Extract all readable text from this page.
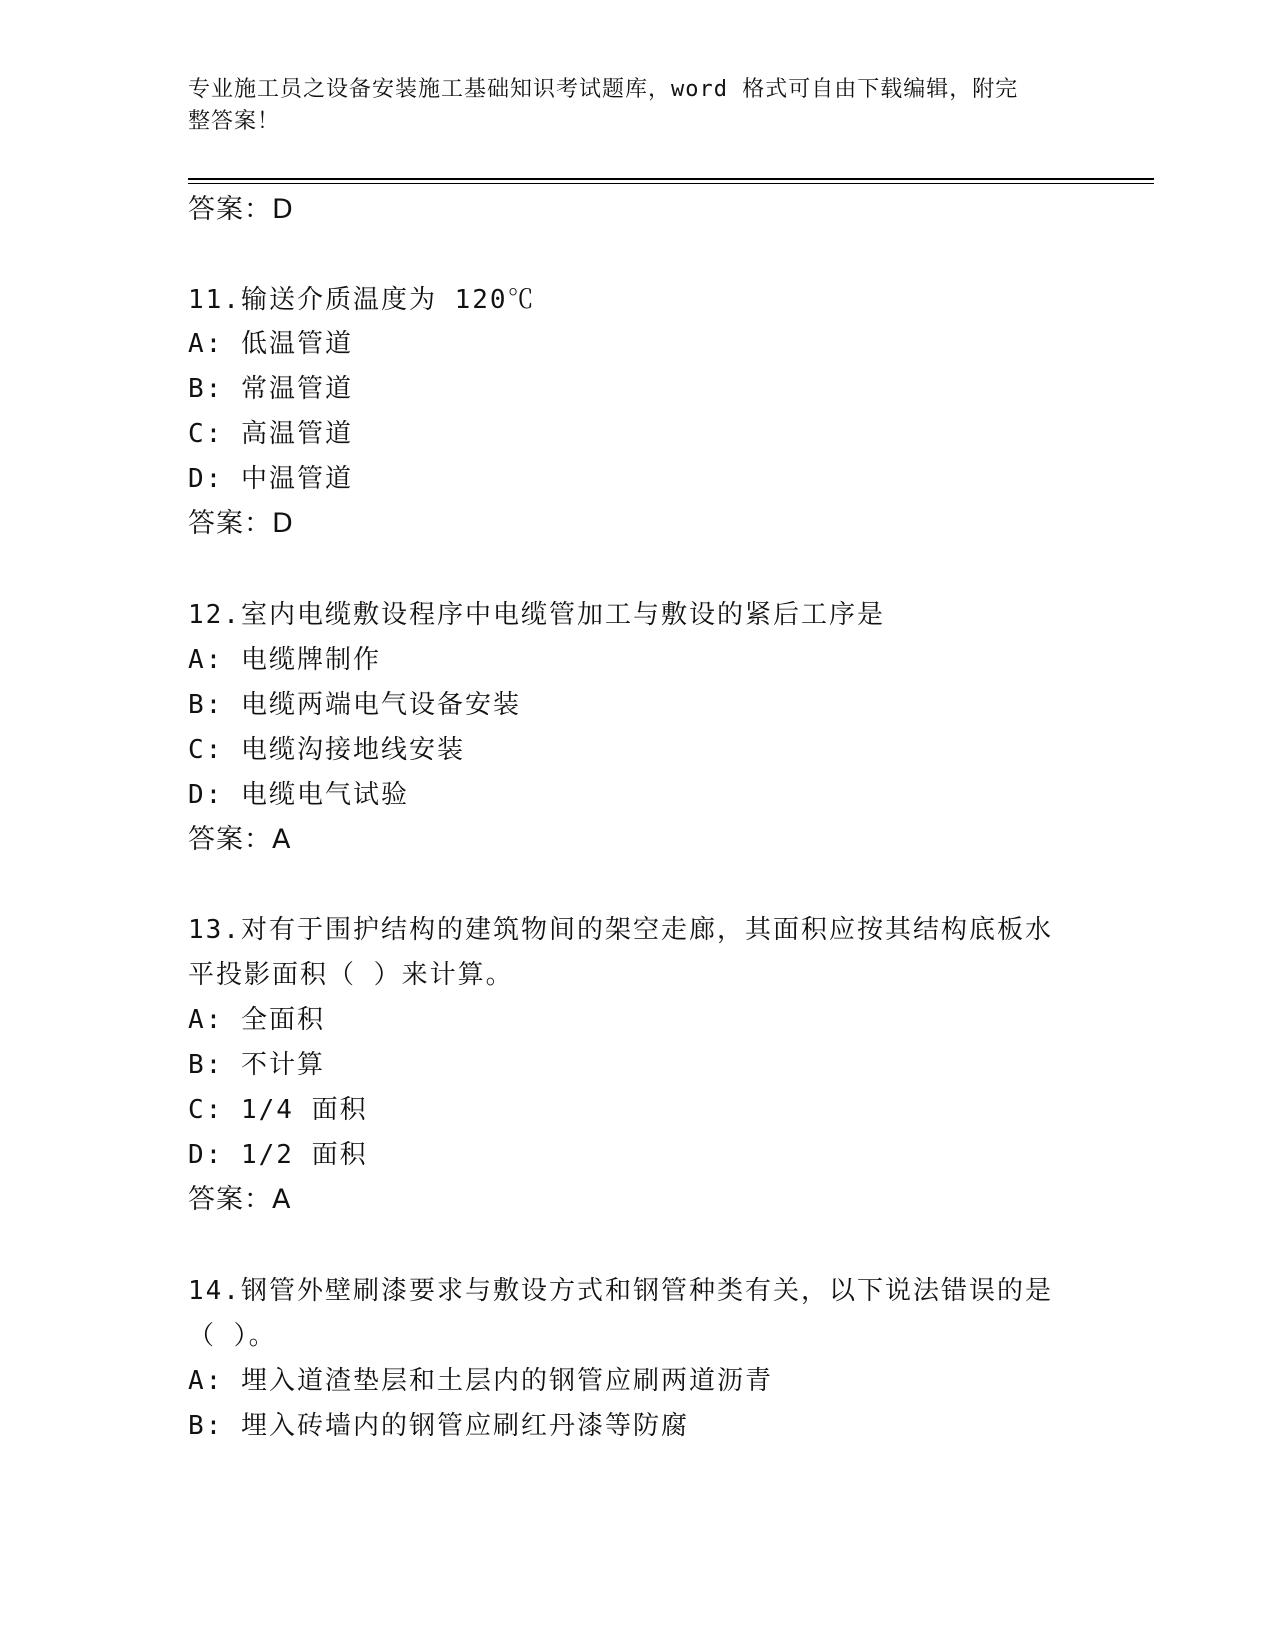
专业施工员之设备安装施工基础知识考试题库，word 格式可自由下载编辑，附完
整答案！
答案：D
11.输送介质温度为 120℃
A: 低温管道
B: 常温管道
C: 高温管道
D: 中温管道
答案：D
12.室内电缆敷设程序中电缆管加工与敷设的紧后工序是
A: 电缆牌制作
B: 电缆两端电气设备安装
C: 电缆沟接地线安装
D: 电缆电气试验
答案：A
13.对有于围护结构的建筑物间的架空走廊，其面积应按其结构底板水
平投影面积（ ）来计算。
A: 全面积
B: 不计算
C: 1/4 面积
D: 1/2 面积
答案：A
14.钢管外壁刷漆要求与敷设方式和钢管种类有关，以下说法错误的是
（ ）。
A: 埋入道渣垫层和土层内的钢管应刷两道沥青
B: 埋入砖墙内的钢管应刷红丹漆等防腐
